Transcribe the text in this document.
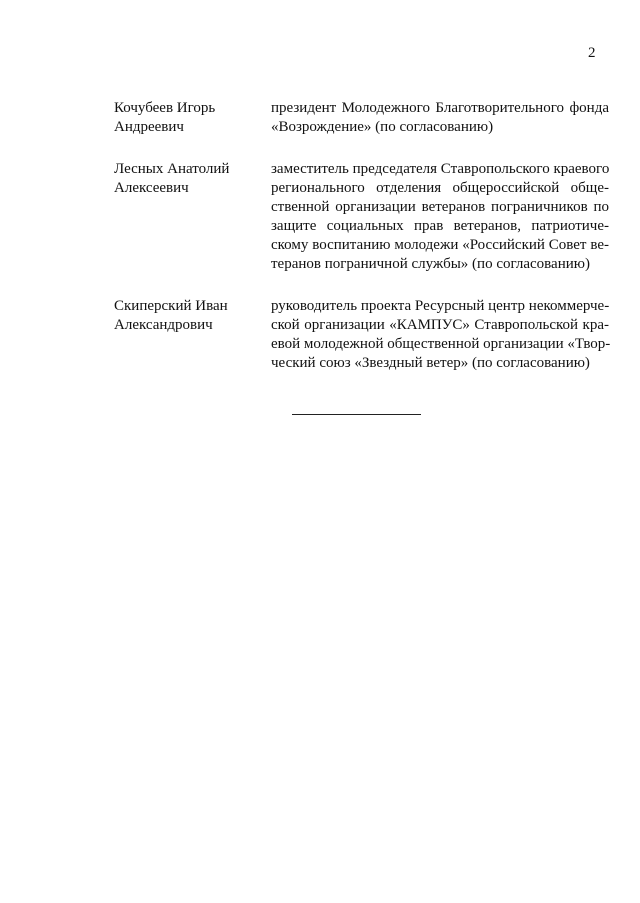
2
Кочубеев Игорь
Андреевич
президент Молодежного Благотворительного фонда
«Возрождение» (по согласованию)
Лесных Анатолий
Алексеевич
заместитель председателя Ставропольского краевого
регионального отделения общероссийской обще-
ственной организации ветеранов пограничников по
защите социальных прав ветеранов, патриотиче-
скому воспитанию молодежи «Российский Совет ве-
теранов пограничной службы» (по согласованию)
Скиперский Иван
Александрович
руководитель проекта Ресурсный центр некоммерче-
ской организации «КАМПУС» Ставропольской кра-
евой молодежной общественной организации «Твор-
ческий союз «Звездный ветер» (по согласованию)
